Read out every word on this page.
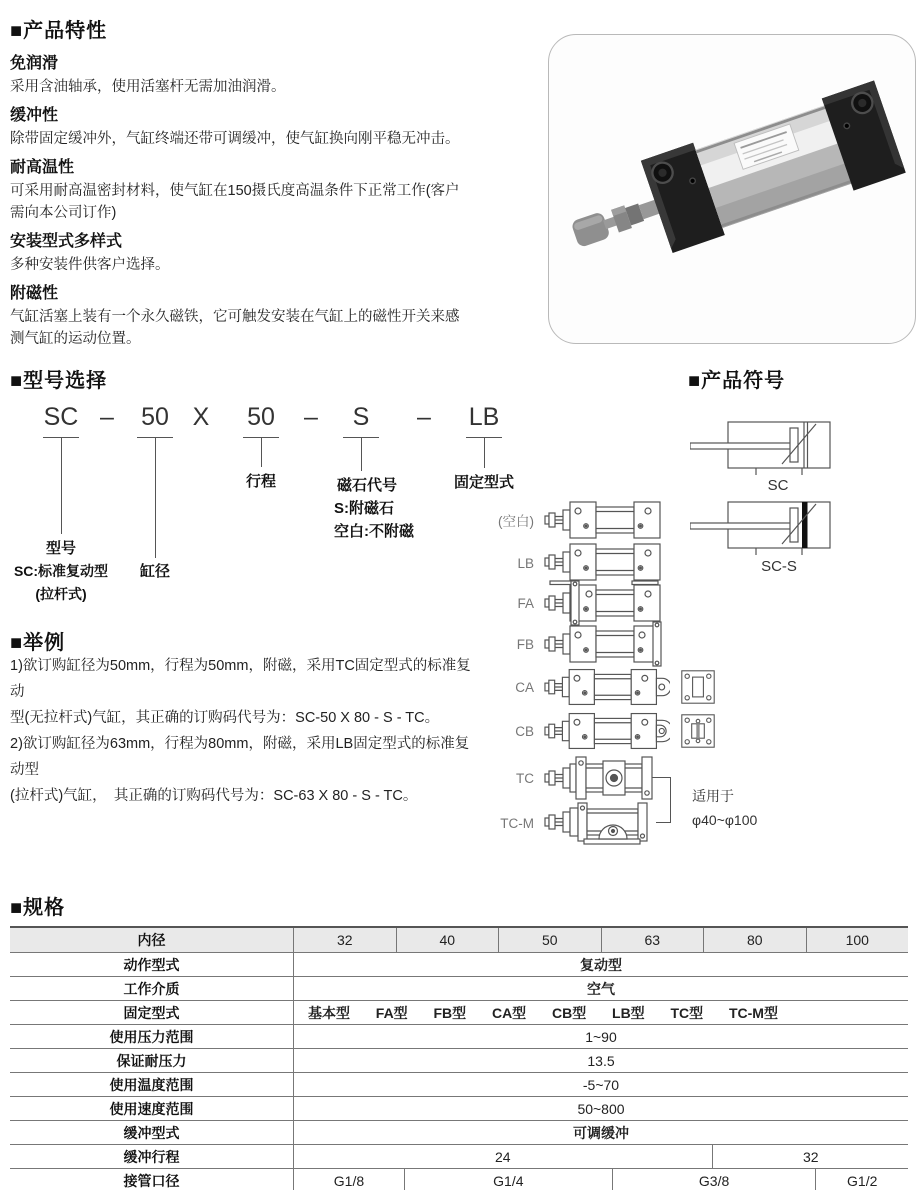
■产品特性
免润滑
采用含油轴承，使用活塞杆无需加油润滑。
缓冲性
除带固定缓冲外，气缸终端还带可调缓冲，使气缸换向刚平稳无冲击。
耐高温性
可采用耐高温密封材料，使气缸在150摄氏度高温条件下正常工作(客户
需向本公司订作)
安装型式多样式
多种安装件供客户选择。
附磁性
气缸活塞上装有一个永久磁铁，它可触发安装在气缸上的磁性开关来感
测气缸的运动位置。
■型号选择
SC –	50 X	50	–	S	–	LB
型号
SC:标准复动型
(拉杆式)
缸径
行程	磁石代号
S:附磁石
空白:不附磁
固定型式
(空白)
LB
FA
FB
CA
CB
TC
TC-M
适用于
φ40~φ100
■产品符号
SC
SC-S
■举例
1)欲订购缸径为50mm，行程为50mm，附磁，采用TC固定型式的标准复动
型(无拉杆式)气缸，其正确的订购码代号为：SC-50 X 80 - S - TC。
2)欲订购缸径为63mm，行程为80mm，附磁，采用LB固定型式的标准复动型
(拉杆式)气缸，　其正确的订购码代号为：SC-63 X 80 - S - TC。
■规格
内径	32	40	50	63	80	100
动作型式	复动型
工作介质	空气
固定型式	基本型 FA型 FB型 CA型 CB型 LB型 TC型 TC-M型
使用压力范围	1~90
保证耐压力	13.5
使用温度范围	-5~70
使用速度范围	50~800
缓冲型式	可调缓冲
缓冲行程	24	32
接管口径	G1/8	G1/4	G3/8	G1/2
